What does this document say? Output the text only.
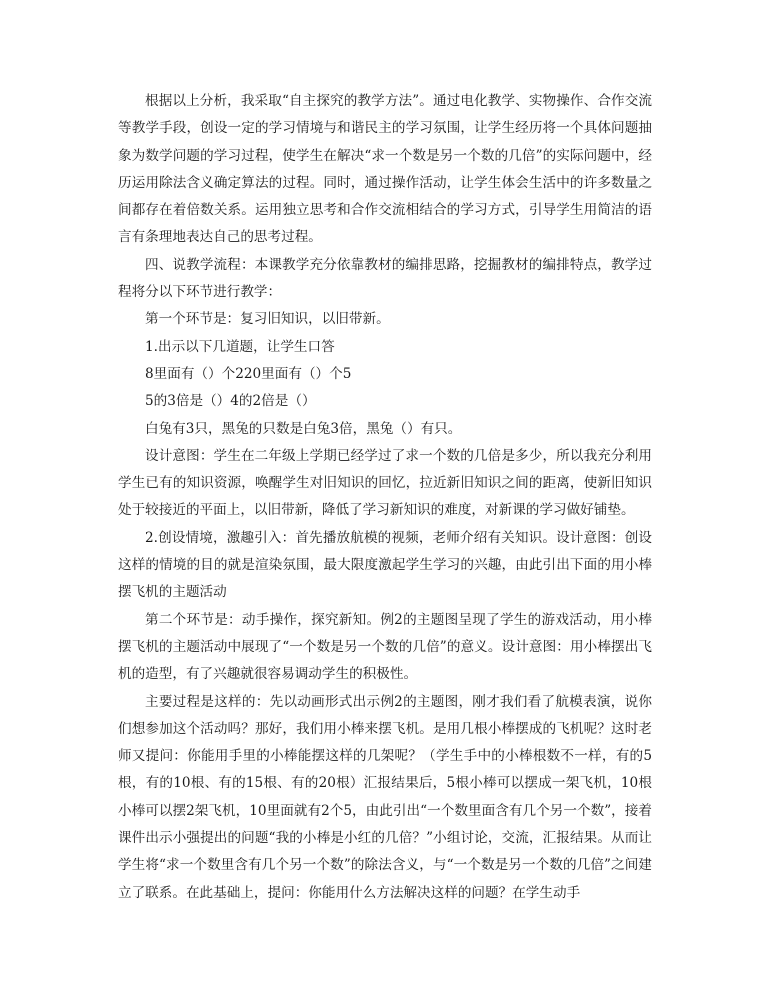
根据以上分析，我采取“自主探究的教学方法”。通过电化教学、实物操作、合作交流等教学手段，创设一定的学习情境与和谐民主的学习氛围，让学生经历将一个具体问题抽象为数学问题的学习过程，使学生在解决“求一个数是另一个数的几倍”的实际问题中，经历运用除法含义确定算法的过程。同时，通过操作活动，让学生体会生活中的许多数量之间都存在着倍数关系。运用独立思考和合作交流相结合的学习方式，引导学生用简洁的语言有条理地表达自己的思考过程。

四、说教学流程：本课教学充分依靠教材的编排思路，挖掘教材的编排特点，教学过程将分以下环节进行教学：

第一个环节是：复习旧知识，以旧带新。

1.出示以下几道题，让学生口答

8里面有（）个220里面有（）个5

5的3倍是（）4的2倍是（）

白兔有3只，黑兔的只数是白兔3倍，黑兔（）有只。

设计意图：学生在二年级上学期已经学过了求一个数的几倍是多少，所以我充分利用学生已有的知识资源，唤醒学生对旧知识的回忆，拉近新旧知识之间的距离，使新旧知识处于较接近的平面上，以旧带新，降低了学习新知识的难度，对新课的学习做好铺垫。

2.创设情境，激趣引入：首先播放航模的视频，老师介绍有关知识。设计意图：创设这样的情境的目的就是渲染氛围，最大限度激起学生学习的兴趣，由此引出下面的用小棒摆飞机的主题活动

第二个环节是：动手操作，探究新知。例2的主题图呈现了学生的游戏活动，用小棒摆飞机的主题活动中展现了“一个数是另一个数的几倍”的意义。设计意图：用小棒摆出飞机的造型，有了兴趣就很容易调动学生的积极性。

主要过程是这样的：先以动画形式出示例2的主题图，刚才我们看了航模表演，说你们想参加这个活动吗？那好，我们用小棒来摆飞机。是用几根小棒摆成的飞机呢？这时老师又提问：你能用手里的小棒能摆这样的几架呢？（学生手中的小棒根数不一样，有的5根，有的10根、有的15根、有的20根）汇报结果后，5根小棒可以摆成一架飞机，10根小棒可以摆2架飞机，10里面就有2个5，由此引出“一个数里面含有几个另一个数”，接着课件出示小强提出的问题“我的小棒是小红的几倍？”小组讨论，交流，汇报结果。从而让学生将“求一个数里含有几个另一个数”的除法含义，与“一个数是另一个数的几倍”之间建立了联系。在此基础上，提问：你能用什么方法解决这样的问题？在学生动手
